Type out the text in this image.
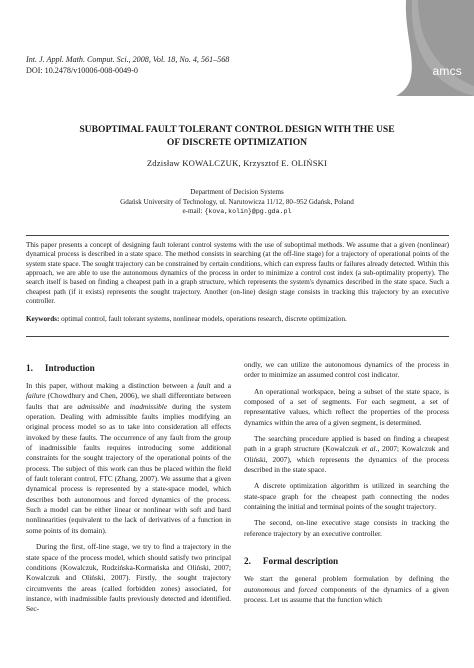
Int. J. Appl. Math. Comput. Sci., 2008, Vol. 18, No. 4, 561–568
DOI: 10.2478/v10006-008-0049-0	amcs
SUBOPTIMAL FAULT TOLERANT CONTROL DESIGN WITH THE USE
OF DISCRETE OPTIMIZATION
Zdzisław KOWALCZUK, Krzysztof E. OLIŃSKI
Department of Decision Systems
Gdańsk University of Technology, ul. Narutowicza 11/12, 80–952 Gdańsk, Poland
e-mail: {kova,kolin}@pg.gda.pl
This paper presents a concept of designing fault tolerant control systems with the use of suboptimal methods. We assume that a given (nonlinear) dynamical process is described in a state space. The method consists in searching (at the off-line stage) for a trajectory of operational points of the system state space. The sought trajectory can be constrained by certain conditions, which can express faults or failures already detected. Within this approach, we are able to use the autonomous dynamics of the process in order to minimize a control cost index (a sub-optimality property). The search itself is based on finding a cheapest path in a graph structure, which represents the system's dynamics described in the state space. Such a cheapest path (if it exists) represents the sought trajectory. Another (on-line) design stage consists in tracking this trajectory by an executive controller.
Keywords: optimal control, fault tolerant systems, nonlinear models, operations research, discrete optimization.
1. Introduction

In this paper, without making a distinction between a fault and a failure (Chowdhury and Chen, 2006), we shall differentiate between faults that are admissible and inadmissible during the system operation. Dealing with admissible faults implies modifying an original process model so as to take into consideration all effects invoked by these faults. The occurrence of any fault from the group of inadmissible faults requires introducing some additional constraints for the sought trajectory of the operational points of the process. The subject of this work can thus be placed within the field of fault tolerant control, FTC (Zhang, 2007). We assume that a given dynamical process is represented by a state-space model, which describes both autonomous and forced dynamics of the process. Such a model can be either linear or nonlinear with soft and hard nonlinearities (equivalent to the lack of derivatives of a function in some points of its domain).

During the first, off-line stage, we try to find a trajectory in the state space of the process model, which should satisfy two principal conditions (Kowalczuk, Rudzińska-Kormańska and Oliński, 2007; Kowalczuk and Oliński, 2007). Firstly, the sought trajectory circumvents the areas (called forbidden zones) associated, for instance, with inadmissible faults previously detected and identified. Sec-

ondly, we can utilize the autonomous dynamics of the process in order to minimize an assumed control cost indicator.

An operational workspace, being a subset of the state space, is composed of a set of segments. For each segment, a set of representative values, which reflect the properties of the process dynamics within the area of a given segment, is determined.

The searching procedure applied is based on finding a cheapest path in a graph structure (Kowalczuk et al., 2007; Kowalczuk and Oliński, 2007), which represents the dynamics of the process described in the state space.

A discrete optimization algorithm is utilized in searching the state-space graph for the cheapest path connecting the nodes containing the initial and terminal points of the sought trajectory.

The second, on-line executive stage consists in tracking the reference trajectory by an executive controller.

2. Formal description

We start the general problem formulation by defining the autonomous and forced components of the dynamics of a given process. Let us assume that the function which
